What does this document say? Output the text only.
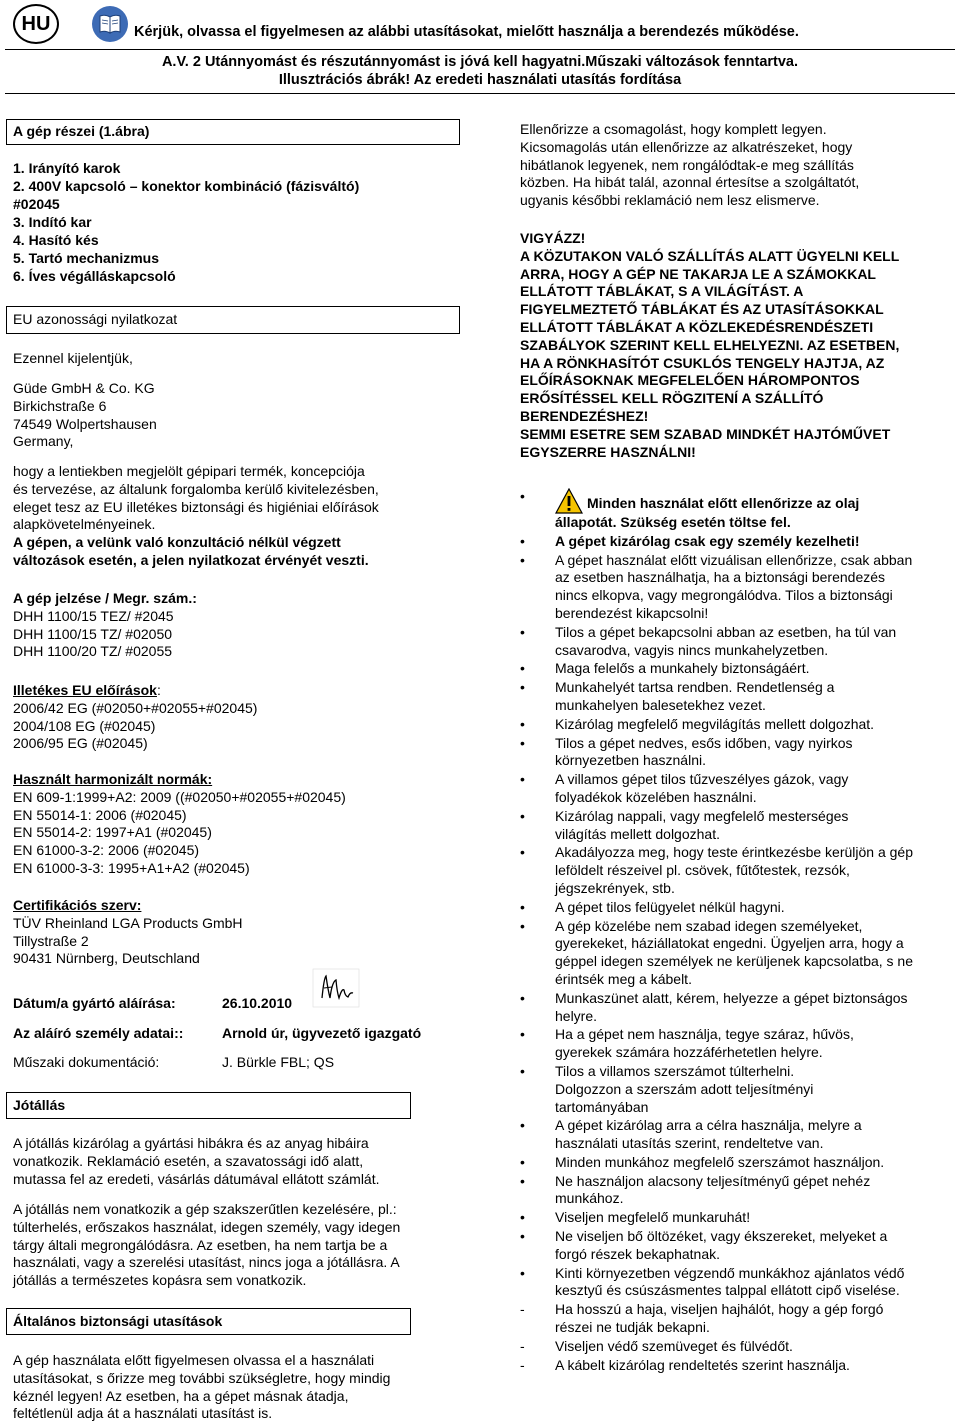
HU	Kérjük, olvassa el figyelmesen az alábbi utasításokat, mielőtt használja a berendezés működése.
A.V. 2 Utánnyomást és részutánnyomást is jóvá kell hagyatni.Műszaki változások fenntartva.
Illusztrációs ábrák! Az eredeti használati utasítás fordítása
A gép részei (1.ábra)
1. Irányító karok
2. 400V kapcsoló – konektor kombináció (fázisváltó)
#02045
3. Indító kar
4. Hasító kés
5. Tartó mechanizmus
6. Íves végálláskapcsoló
EU azonossági nyilatkozat
Ezennel kijelentjük,
Güde GmbH & Co. KG
Birkichstraße 6
74549 Wolpertshausen
Germany,
hogy a lentiekben megjelölt gépipari termék, koncepciója
és tervezése, az általunk forgalomba kerülő kivitelezésben,
eleget tesz az EU illetékes biztonsági és higiéniai előírások
alapkövetelményeinek.
A gépen, a velünk való konzultáció nélkül végzett
változások esetén, a jelen nyilatkozat érvényét veszti.
A gép jelzése / Megr. szám.:
DHH 1100/15 TEZ/ #2045
DHH 1100/15 TZ/ #02050
DHH 1100/20 TZ/ #02055
Illetékes EU előírások:
2006/42 EG (#02050+#02055+#02045)
2004/108 EG (#02045)
2006/95 EG (#02045)
Használt harmonizált normák:
EN 609-1:1999+A2: 2009 ((#02050+#02055+#02045)
EN 55014-1: 2006 (#02045)
EN 55014-2: 1997+A1 (#02045)
EN 61000-3-2: 2006 (#02045)
EN 61000-3-3: 1995+A1+A2 (#02045)
Certifikációs szerv:
TÜV Rheinland LGA Products GmbH
Tillystraße 2
90431 Nürnberg, Deutschland
Dátum/a gyártó aláírása:	26.10.2010
Az aláíró személy adatai::	Arnold úr, ügyvezető igazgató
Műszaki dokumentáció:	J. Bürkle FBL; QS
Jótállás
A jótállás kizárólag a gyártási hibákra és az anyag hibáira
vonatkozik. Reklamáció esetén, a szavatossági idő alatt,
mutassa fel az eredeti, vásárlás dátumával ellátott számlát.
A jótállás nem vonatkozik a gép szakszerűtlen kezelésére, pl.:
túlterhelés, erőszakos használat, idegen személy, vagy idegen
tárgy általi megrongálódásra. Az esetben, ha nem tartja be a
használati, vagy a szerelési utasítást, nincs joga a jótállásra. A
jótállás a természetes kopásra sem vonatkozik.
Általános biztonsági utasítások
A gép használata előtt figyelmesen olvassa el a használati
utasításokat, s őrizze meg további szükségletre, hogy mindig
kéznél legyen! Az esetben, ha a gépet másnak átadja,
feltétlenül adja át a használati utasítást is.
Ellenőrizze a csomagolást, hogy komplett legyen.
Kicsomagolás után ellenőrizze az alkatrészeket, hogy
hibátlanok legyenek, nem rongálódtak-e meg szállítás
közben. Ha hibát talál, azonnal értesítse a szolgáltatót,
ugyanis későbbi reklamáció nem lesz elismerve.
VIGYÁZZ!
A KÖZUTAKON VALÓ SZÁLLÍTÁS ALATT ÜGYELNI KELL
ARRA, HOGY A GÉP NE TAKARJA LE A SZÁMOKKAL
ELLÁTOTT TÁBLÁKAT, S A VILÁGÍTÁST. A
FIGYELMEZTETŐ TÁBLÁKAT ÉS AZ UTASÍTÁSOKKAL
ELLÁTOTT TÁBLÁKAT A KÖZLEKEDÉSRENDÉSZETI
SZABÁLYOK SZERINT KELL ELHELYEZNI. AZ ESETBEN,
HA A RÖNKHASÍTÓT CSUKLÓS TENGELY HAJTJA, AZ
ELŐÍRÁSOKNAK MEGFELELŐEN HÁROMPONTOS
ERŐSÍTÉSSEL KELL RÖGZITENÍ A SZÁLLÍTÓ
BERENDEZÉSHEZ!
SEMMI ESETRE SEM SZABAD MINDKÉT HAJTÓMŰVET
EGYSZERRE HASZNÁLNI!
•	Minden használat előtt ellenőrizze az olaj
állapotát. Szükség esetén töltse fel.
•	A gépet kizárólag csak egy személy kezelheti!
•	A gépet használat előtt vizuálisan ellenőrizze, csak abban
az esetben használhatja, ha a biztonsági berendezés
nincs elkopva, vagy megrongálódva. Tilos a biztonsági
berendezést kikapcsolni!
•	Tilos a gépet bekapcsolni abban az esetben, ha túl van
csavarodva, vagyis nincs munkahelyzetben.
•	Maga felelős a munkahely biztonságáért.
•	Munkahelyét tartsa rendben. Rendetlenség a
munkahelyen balesetekhez vezet.
•	Kizárólag megfelelő megvilágítás mellett dolgozhat.
•	Tilos a gépet nedves, esős időben, vagy nyirkos
környezetben használni.
•	A villamos gépet tilos tűzveszélyes gázok, vagy
folyadékok közelében használni.
•	Kizárólag nappali, vagy megfelelő mesterséges
világítás mellett dolgozhat.
•	Akadályozza meg, hogy teste érintkezésbe kerüljön a gép
leföldelt részeivel pl. csövek, fűtőtestek, rezsók,
jégszekrények, stb.
•	A gépet tilos felügyelet nélkül hagyni.
•	A gép közelébe nem szabad idegen személyeket,
gyerekeket, háziállatokat engedni. Ügyeljen arra, hogy a
géppel idegen személyek ne kerüljenek kapcsolatba, s ne
érintsék meg a kábelt.
•	Munkaszünet alatt, kérem, helyezze a gépet biztonságos
helyre.
•	Ha a gépet nem használja, tegye száraz, hűvös,
gyerekek számára hozzáférhetetlen helyre.
•	Tilos a villamos szerszámot túlterhelni.
Dolgozzon a szerszám adott teljesítményi
tartományában
•	A gépet kizárólag arra a célra használja, melyre a
használati utasítás szerint, rendeltetve van.
•	Minden munkához megfelelő szerszámot használjon.
•	Ne használjon alacsony teljesítményű gépet nehéz
munkához.
•	Viseljen megfelelő munkaruhát!
•	Ne viseljen bő öltözéket, vagy ékszereket, melyeket a
forgó részek bekaphatnak.
•	Kinti környezetben végzendő munkákhoz ajánlatos védő
kesztyű és csúszásmentes talppal ellátott cipő viselése.
-	Ha hosszú a haja, viseljen hajhálót, hogy a gép forgó
részei ne tudják bekapni.
-	Viseljen védő szemüveget és fülvédőt.
-	A kábelt kizárólag rendeltetés szerint használja.
